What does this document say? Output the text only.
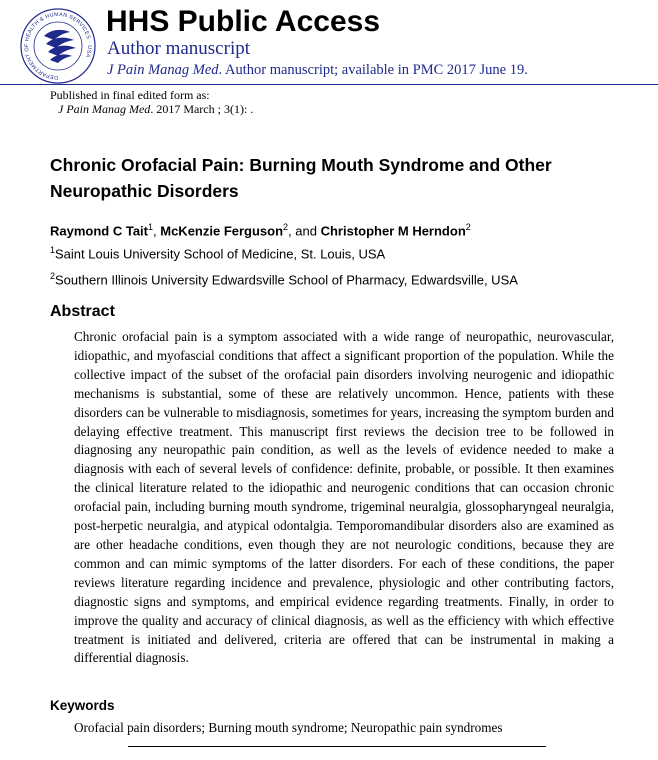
DEPARTMENT OF HEALTH & HUMAN SERVICES · USA
HHS Public Access
Author manuscript
J Pain Manag Med. Author manuscript; available in PMC 2017 June 19.
Published in final edited form as:
J Pain Manag Med. 2017 March ; 3(1): .
Chronic Orofacial Pain: Burning Mouth Syndrome and Other Neuropathic Disorders
Raymond C Tait$^1$, McKenzie Ferguson$^2$, and Christopher M Herndon$^2$
$^1$Saint Louis University School of Medicine, St. Louis, USA
$^2$Southern Illinois University Edwardsville School of Pharmacy, Edwardsville, USA
Abstract
Chronic orofacial pain is a symptom associated with a wide range of neuropathic, neurovascular, idiopathic, and myofascial conditions that affect a significant proportion of the population. While the collective impact of the subset of the orofacial pain disorders involving neurogenic and idiopathic mechanisms is substantial, some of these are relatively uncommon. Hence, patients with these disorders can be vulnerable to misdiagnosis, sometimes for years, increasing the symptom burden and delaying effective treatment. This manuscript first reviews the decision tree to be followed in diagnosing any neuropathic pain condition, as well as the levels of evidence needed to make a diagnosis with each of several levels of confidence: definite, probable, or possible. It then examines the clinical literature related to the idiopathic and neurogenic conditions that can occasion chronic orofacial pain, including burning mouth syndrome, trigeminal neuralgia, glossopharyngeal neuralgia, post-herpetic neuralgia, and atypical odontalgia. Temporomandibular disorders also are examined as are other headache conditions, even though they are not neurologic conditions, because they are common and can mimic symptoms of the latter disorders. For each of these conditions, the paper reviews literature regarding incidence and prevalence, physiologic and other contributing factors, diagnostic signs and symptoms, and empirical evidence regarding treatments. Finally, in order to improve the quality and accuracy of clinical diagnosis, as well as the efficiency with which effective treatment is initiated and delivered, criteria are offered that can be instrumental in making a differential diagnosis.
Keywords
Orofacial pain disorders; Burning mouth syndrome; Neuropathic pain syndromes
